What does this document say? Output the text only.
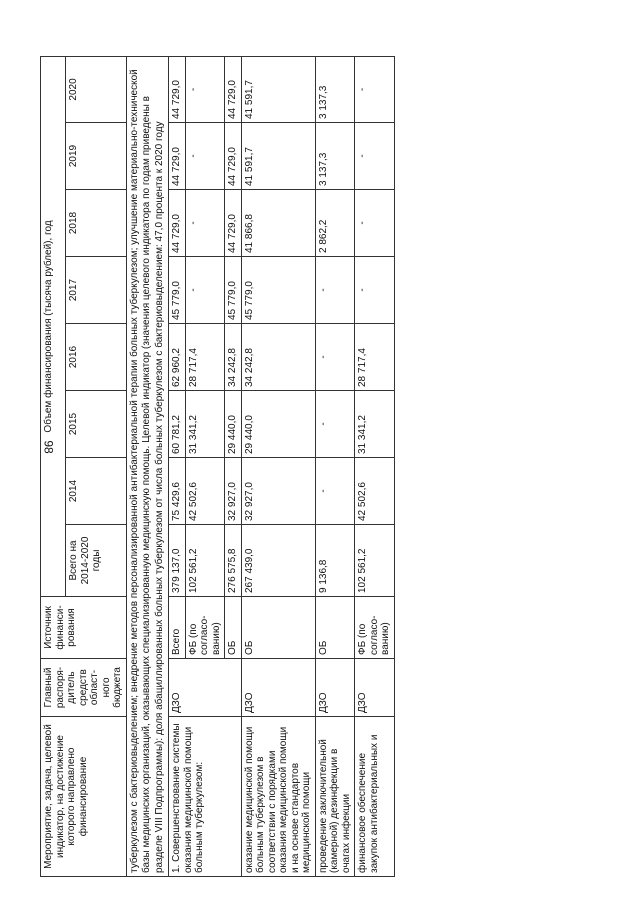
98
Мероприятие, задача, целевой индикатор, на достижение которого направлено финансирование	Главный распоря-дитель средств област-ного бюджета	Источник финанси-рования	Объем финансирования (тысяча рублей), год							
			Всего на 2014-2020 годы	2014	2015	2016	2017	2018	2019	2020
туберкулезом с бактериовыделением; внедрение методов персонализированной антибактериальной терапии больных туберкулезом; улучшение материально-технической базы медицинских организаций, оказывающих специализированную медицинскую помощь. Целевой индикатор (значения целевого индикатора по годам приведены в разделе VIII Подпрограммы): доля абациллированных больных туберкулезом от числа больных туберкулезом с бактериовыделением: 47,0 процента к 2020 году										
1. Совершенствование системы оказания медицинской помощи больным туберкулезом:	ДЗО	Всего	379 137,0	75 429,6	60 781,2	62 960,2	45 779,0	44 729,0	44 729,0	44 729,0
		ФБ (по согласо-ванию)	102 561,2	42 502,6	31 341,2	28 717,4	-	-	-	-
		ОБ	276 575,8	32 927,0	29 440,0	34 242,8	45 779,0	44 729,0	44 729,0	44 729,0
оказание медицинской помощи больным туберкулезом в соответствии с порядками оказания медицинской помощи и на основе стандартов медицинской помощи	ДЗО	ОБ	267 439,0	32 927,0	29 440,0	34 242,8	45 779,0	41 866,8	41 591,7	41 591,7
проведение заключительной (камерной) дезинфекции в очагах инфекции	ДЗО	ОБ	9 136,8	-	-	-	-	2 862,2	3 137,3	3 137,3
финансовое обеспечение закупок антибактериальных и	ДЗО	ФБ (по согласо-ванию)	102 561,2	42 502,6	31 341,2	28 717,4	-	-	-	-
